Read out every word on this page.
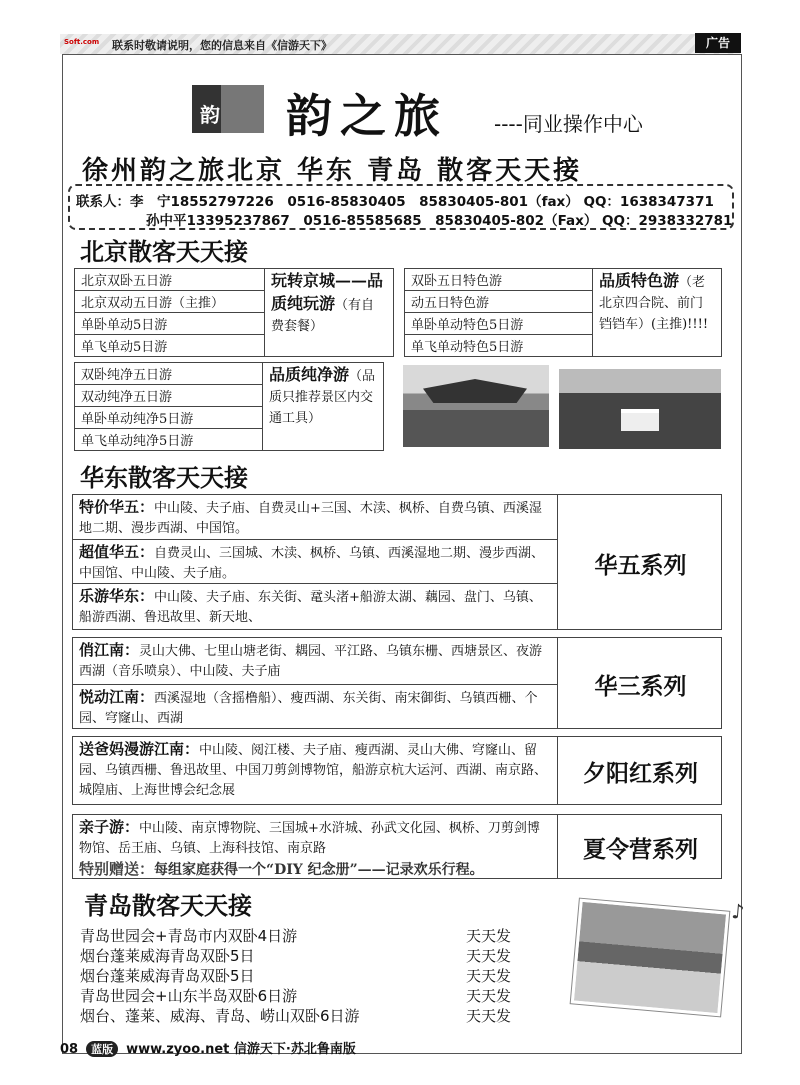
Soft.com 联系时敬请说明，您的信息来自《信游天下》	广告
韵 韵之旅 ----同业操作中心
徐州韵之旅北京 华东 青岛 散客天天接
联系人：李　宁18552797226　0516-85830405　85830405-801（fax） QQ：1638347371
孙中平13395237867　0516-85585685　85830405-802（Fax） QQ：2938332781
北京散客天天接
北京双卧五日游	玩转京城——品质纯玩游（有自费套餐）
北京双动五日游（主推）
单卧单动5日游
单飞单动5日游
双卧五日特色游	品质特色游（老北京四合院、前门铛铛车）(主推)!!!!
动五日特色游
单卧单动特色5日游
单飞单动特色5日游
双卧纯净五日游	品质纯净游（品质只推荐景区内交通工具）
双动纯净五日游
单卧单动纯净5日游
单飞单动纯净5日游
华东散客天天接
特价华五：中山陵、夫子庙、自费灵山+三国、木渎、枫桥、自费乌镇、西溪湿地二期、漫步西湖、中国馆。
超值华五：自费灵山、三国城、木渎、枫桥、乌镇、西溪湿地二期、漫步西湖、中国馆、中山陵、夫子庙。
乐游华东：中山陵、夫子庙、东关街、鼋头渚+船游太湖、藕园、盘门、乌镇、船游西湖、鲁迅故里、新天地、
华五系列
俏江南：灵山大佛、七里山塘老街、耦园、平江路、乌镇东栅、西塘景区、夜游西湖（音乐喷泉）、中山陵、夫子庙
悦动江南：西溪湿地（含摇橹船）、瘦西湖、东关街、南宋御街、乌镇西栅、个园、穹窿山、西湖
华三系列
送爸妈漫游江南：中山陵、阅江楼、夫子庙、瘦西湖、灵山大佛、穹窿山、留园、乌镇西栅、鲁迅故里、中国刀剪剑博物馆，船游京杭大运河、西湖、南京路、城隍庙、上海世博会纪念展
夕阳红系列
亲子游：中山陵、南京博物院、三国城+水浒城、孙武文化园、枫桥、刀剪剑博物馆、岳王庙、乌镇、上海科技馆、南京路
特别赠送：每组家庭获得一个“DIY 纪念册”——记录欢乐行程。
夏令营系列
青岛散客天天接
青岛世园会+青岛市内双卧4日游	天天发
烟台蓬莱威海青岛双卧5日	天天发
烟台蓬莱威海青岛双卧5日	天天发
青岛世园会+山东半岛双卧6日游	天天发
烟台、蓬莱、威海、青岛、崂山双卧6日游	天天发
♪
08 蓝版 www.zyoo.net 信游天下·苏北鲁南版
